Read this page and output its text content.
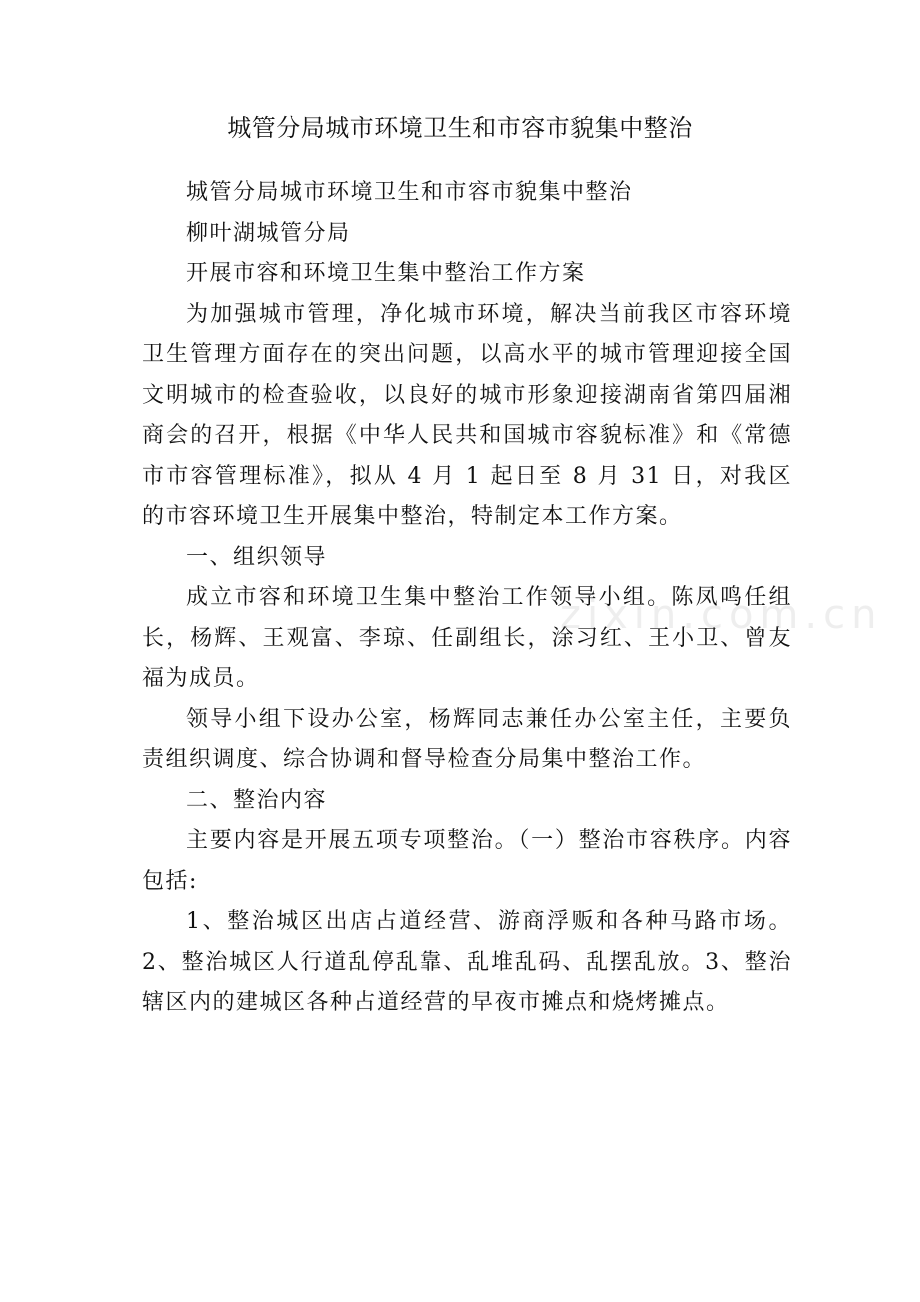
城管分局城市环境卫生和市容市貌集中整治

城管分局城市环境卫生和市容市貌集中整治

柳叶湖城管分局

开展市容和环境卫生集中整治工作方案

为加强城市管理，净化城市环境，解决当前我区市容环境卫生管理方面存在的突出问题，以高水平的城市管理迎接全国文明城市的检查验收，以良好的城市形象迎接湖南省第四届湘商会的召开，根据《中华人民共和国城市容貌标准》和《常德市市容管理标准》，拟从 4 月 1 起日至 8 月 31 日，对我区的市容环境卫生开展集中整治，特制定本工作方案。

一、组织领导

成立市容和环境卫生集中整治工作领导小组。陈凤鸣任组长，杨辉、王观富、李琼、任副组长，涂习红、王小卫、曾友福为成员。

领导小组下设办公室，杨辉同志兼任办公室主任，主要负责组织调度、综合协调和督导检查分局集中整治工作。

二、整治内容

主要内容是开展五项专项整治。（一）整治市容秩序。内容包括:

1、整治城区出店占道经营、游商浮贩和各种马路市场。2、整治城区人行道乱停乱靠、乱堆乱码、乱摆乱放。3、整治辖区内的建城区各种占道经营的早夜市摊点和烧烤摊点。

zixin.com.cn
